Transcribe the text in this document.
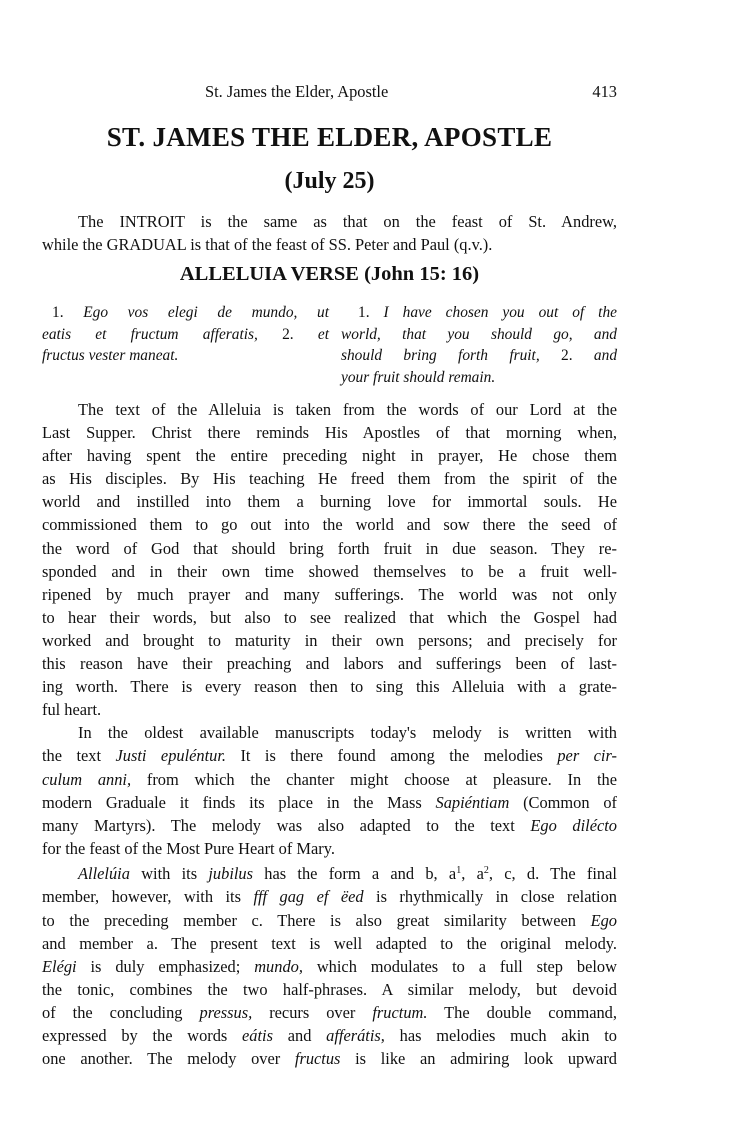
St. James the Elder, Apostle	413
ST. JAMES THE ELDER, APOSTLE
(July 25)
The INTROIT is the same as that on the feast of St. Andrew,
while the GRADUAL is that of the feast of SS. Peter and Paul (q.v.).
ALLELUIA VERSE (John 15: 16)
1. Ego vos elegi de mundo, ut
eatis et fructum afferatis, 2. et
fructus vester maneat.
1. I have chosen you out of the
world, that you should go, and
should bring forth fruit, 2. and
your fruit should remain.
The text of the Alleluia is taken from the words of our Lord at the
Last Supper. Christ there reminds His Apostles of that morning when,
after having spent the entire preceding night in prayer, He chose them
as His disciples. By His teaching He freed them from the spirit of the
world and instilled into them a burning love for immortal souls. He
commissioned them to go out into the world and sow there the seed of
the word of God that should bring forth fruit in due season. They re-
sponded and in their own time showed themselves to be a fruit well-
ripened by much prayer and many sufferings. The world was not only
to hear their words, but also to see realized that which the Gospel had
worked and brought to maturity in their own persons; and precisely for
this reason have their preaching and labors and sufferings been of last-
ing worth. There is every reason then to sing this Alleluia with a grate-
ful heart.
In the oldest available manuscripts today's melody is written with
the text Justi epuléntur. It is there found among the melodies per cir-
culum anni, from which the chanter might choose at pleasure. In the
modern Graduale it finds its place in the Mass Sapiéntiam (Common of
many Martyrs). The melody was also adapted to the text Ego diléctо
for the feast of the Most Pure Heart of Mary.
Allelúia with its jubilus has the form a and b, $a^1$, $a^2$, c, d. The final
member, however, with its fff gag ef ëed is rhythmically in close relation
to the preceding member c. There is also great similarity between Ego
and member a. The present text is well adapted to the original melody.
Elégi is duly emphasized; mundo, which modulates to a full step below
the tonic, combines the two half-phrases. A similar melody, but devoid
of the concluding pressus, recurs over fructum. The double command,
expressed by the words eátis and afferátis, has melodies much akin to
one another. The melody over fructus is like an admiring look upward
